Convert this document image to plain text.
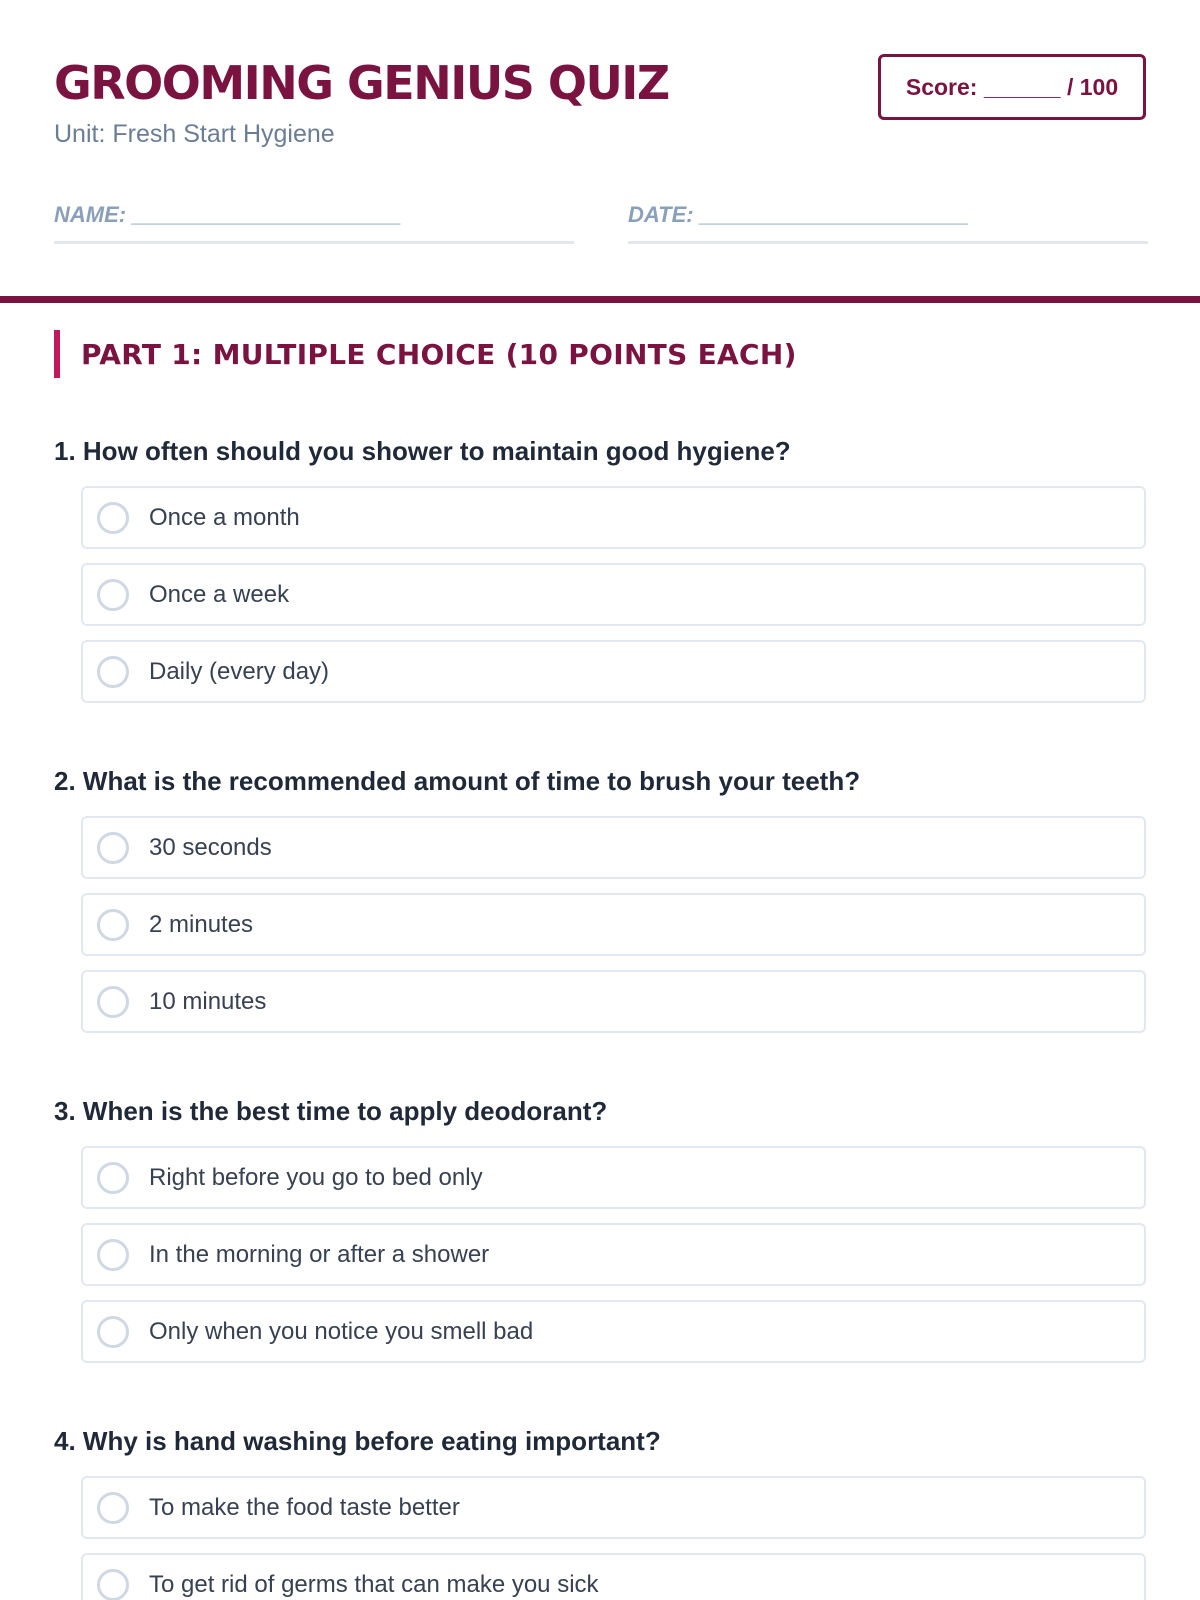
GROOMING GENIUS QUIZ
Unit: Fresh Start Hygiene
Score: ______ / 100
NAME: ______________________	DATE: ______________________
PART 1: MULTIPLE CHOICE (10 POINTS EACH)
1. How often should you shower to maintain good hygiene?
Once a month
Once a week
Daily (every day)
2. What is the recommended amount of time to brush your teeth?
30 seconds
2 minutes
10 minutes
3. When is the best time to apply deodorant?
Right before you go to bed only
In the morning or after a shower
Only when you notice you smell bad
4. Why is hand washing before eating important?
To make the food taste better
To get rid of germs that can make you sick
